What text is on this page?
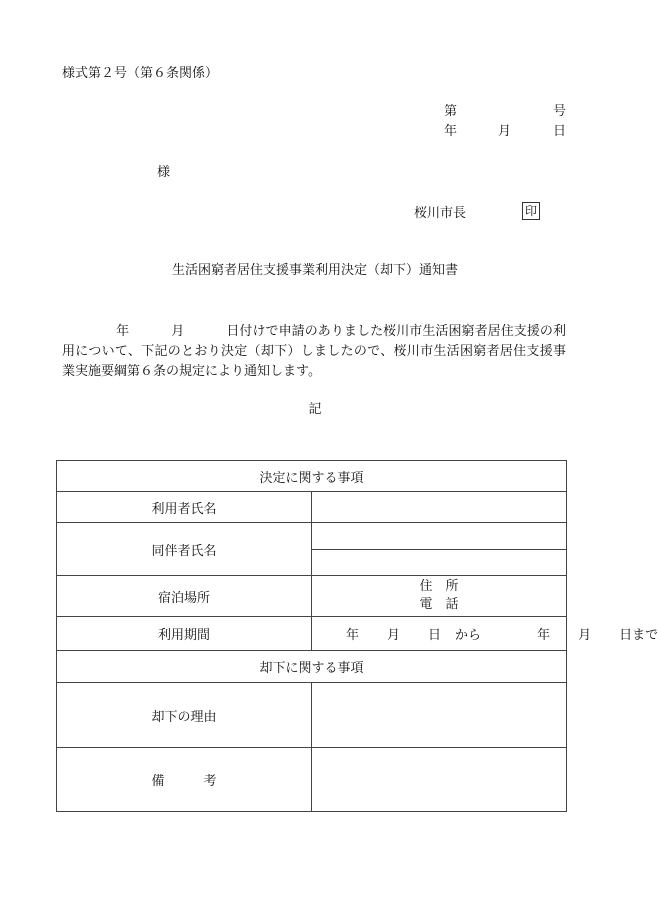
様式第２号（第６条関係）
第	号
年	月	日
様
桜川市長	印
生活困窮者居住支援事業利用決定（却下）通知書
年	月	日付けで申請のありました桜川市生活困窮者居住支援の利用について、下記のとおり決定（却下）しましたので、桜川市生活困窮者居住支援事業実施要綱第６条の規定により通知します。
記
決定に関する事項	
利用者氏名	
同伴者氏名	

宿泊場所	住　所
電　話

利用期間	年 月 日 から 年 月 日まで
却下に関する事項	
却下の理由	
備　　　考	
